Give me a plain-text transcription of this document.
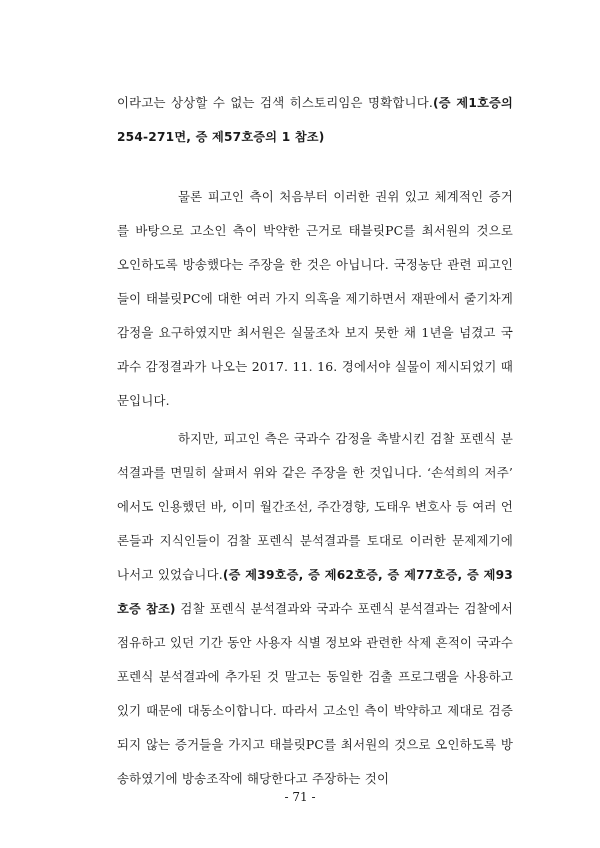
이라고는 상상할 수 없는 검색 히스토리임은 명확합니다.(증 제1호증의 254-271면, 증 제57호증의 1 참조)

물론 피고인 측이 처음부터 이러한 권위 있고 체계적인 증거를 바탕으로 고소인 측이 박약한 근거로 태블릿PC를 최서원의 것으로 오인하도록 방송했다는 주장을 한 것은 아닙니다. 국정농단 관련 피고인들이 태블릿PC에 대한 여러 가지 의혹을 제기하면서 재판에서 줄기차게 감정을 요구하였지만 최서원은 실물조차 보지 못한 채 1년을 넘겼고 국과수 감정결과가 나오는 2017. 11. 16. 경에서야 실물이 제시되었기 때문입니다.

하지만, 피고인 측은 국과수 감정을 촉발시킨 검찰 포렌식 분석결과를 면밀히 살펴서 위와 같은 주장을 한 것입니다. ‘손석희의 저주’ 에서도 인용했던 바, 이미 월간조선, 주간경향, 도태우 변호사 등 여러 언론들과 지식인들이 검찰 포렌식 분석결과를 토대로 이러한 문제제기에 나서고 있었습니다.(증 제39호증, 증 제62호증, 증 제77호증, 증 제93호증 참조) 검찰 포렌식 분석결과와 국과수 포렌식 분석결과는 검찰에서 점유하고 있던 기간 동안 사용자 식별 정보와 관련한 삭제 흔적이 국과수 포렌식 분석결과에 추가된 것 말고는 동일한 검출 프로그램을 사용하고 있기 때문에 대동소이합니다. 따라서 고소인 측이 박약하고 제대로 검증되지 않는 증거들을 가지고 태블릿PC를 최서원의 것으로 오인하도록 방송하였기에 방송조작에 해당한다고 주장하는 것이

- 71 -
